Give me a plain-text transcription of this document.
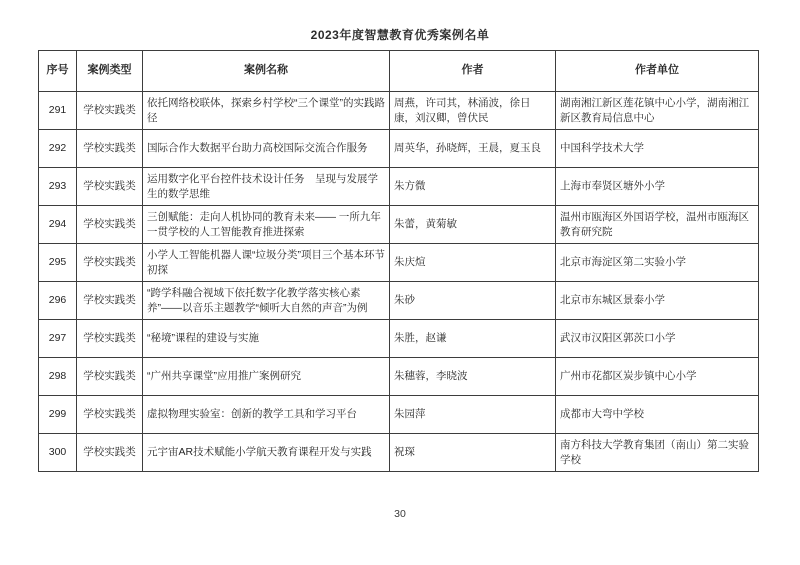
2023年度智慧教育优秀案例名单
序号	案例类型	案例名称	作者	作者单位
291	学校实践类	依托网络校联体，探索乡村学校“三个课堂”的实践路径	周燕，许司其，林涌波，徐日康，刘汉卿，曾伏民	湖南湘江新区莲花镇中心小学，湖南湘江新区教育局信息中心
292	学校实践类	国际合作大数据平台助力高校国际交流合作服务	周英华，孙晓辉，王晨，夏玉良	中国科学技术大学
293	学校实践类	运用数字化平台控件技术设计任务　呈现与发展学生的数学思维	朱方微	上海市奉贤区塘外小学
294	学校实践类	三创赋能：走向人机协同的教育未来—— 一所九年一贯学校的人工智能教育推进探索	朱蕾，黄菊敏	温州市瓯海区外国语学校，温州市瓯海区教育研究院
295	学校实践类	小学人工智能机器人课“垃圾分类”项目三个基本环节初探	朱庆煊	北京市海淀区第二实验小学
296	学校实践类	“跨学科融合视域下依托数字化教学落实核心素养”——以音乐主题教学“倾听大自然的声音”为例	朱砂	北京市东城区景泰小学
297	学校实践类	“秘境”课程的建设与实施	朱胜，赵谦	武汉市汉阳区郭茨口小学
298	学校实践类	“广州共享课堂”应用推广案例研究	朱穗蓉，李晓波	广州市花都区炭步镇中心小学
299	学校实践类	虚拟物理实验室：创新的教学工具和学习平台	朱园萍	成都市大弯中学校
300	学校实践类	元宇宙AR技术赋能小学航天教育课程开发与实践	祝琛	南方科技大学教育集团（南山）第二实验学校
30
